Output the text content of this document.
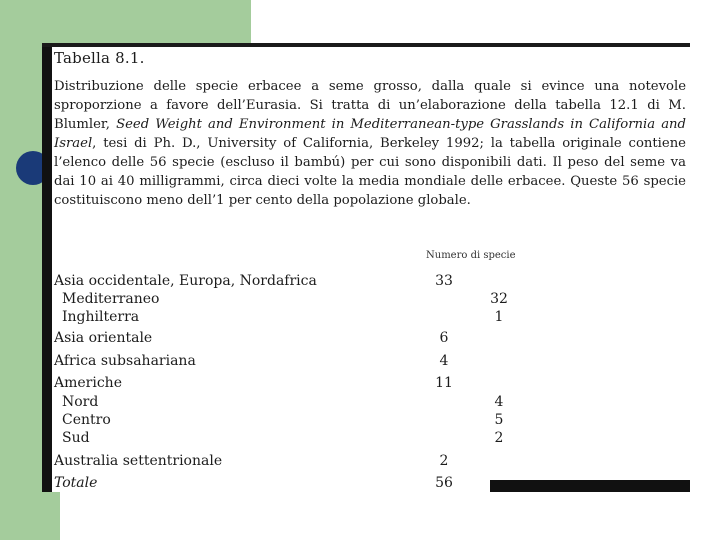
Tabella 8.1.
Distribuzione delle specie erbacee a seme grosso, dalla quale si evince una notevole sproporzione a favore dell’Eurasia. Si tratta di un’elaborazione della tabella 12.1 di M. Blumler, Seed Weight and Environment in Mediterranean-type Grasslands in California and Israel, tesi di Ph. D., University of California, Berkeley 1992; la tabella originale contiene l’elenco delle 56 specie (escluso il bambú) per cui sono disponibili dati. Il peso del seme va dai 10 ai 40 milligrammi, circa dieci volte la media mondiale delle erbacee. Queste 56 specie costituiscono meno dell’1 per cento della popolazione globale.
Numero di specie
Asia occidentale, Europa, Nordafrica	33
Mediterraneo	32
Inghilterra	1
Asia orientale	6
Africa subsahariana	4
Americhe	11
Nord	4
Centro	5
Sud	2
Australia settentrionale	2
Totale	56
